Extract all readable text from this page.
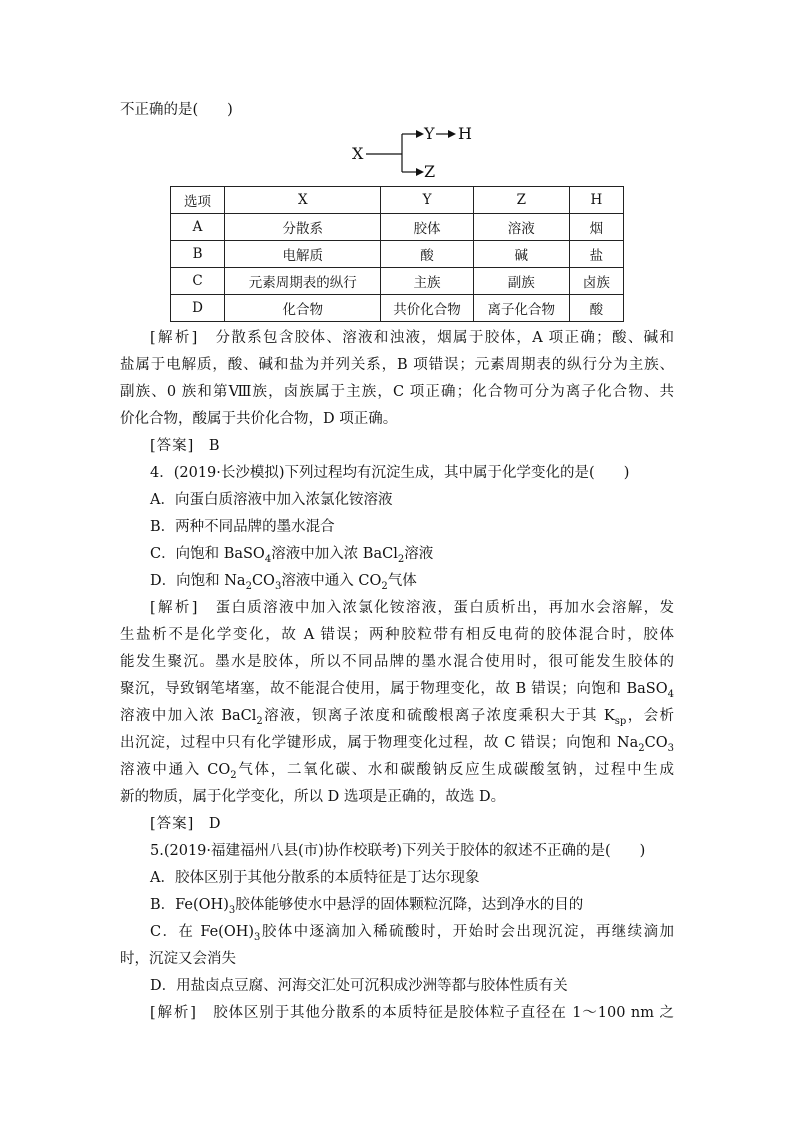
不正确的是(　　)
X
Y H
Z
选项	X	Y	Z	H
A	分散系	胶体	溶液	烟
B	电解质	酸	碱	盐
C	元素周期表的纵行	主族	副族	卤族
D	化合物	共价化合物	离子化合物	酸
[解析]　 分散系包含胶体、溶液和浊液，烟属于胶体，A 项正确；酸、碱和
盐属于电解质，酸、碱和盐为并列关系，B 项错误；元素周期表的纵行分为主族、
副族、0 族和第Ⅷ族，卤族属于主族，C 项正确；化合物可分为离子化合物、共
价化合物，酸属于共价化合物，D 项正确。
[答案]　 B
4．(2019·长沙模拟)下列过程均有沉淀生成，其中属于化学变化的是(　　)
A．向蛋白质溶液中加入浓氯化铵溶液
B．两种不同品牌的墨水混合
C．向饱和 BaSO$_4$溶液中加入浓 BaCl$_2$溶液
D．向饱和 $Na_2CO_3$溶液中通入 $CO_2$气体
[解析]　 蛋白质溶液中加入浓氯化铵溶液，蛋白质析出，再加水会溶解，发
生盐析不是化学变化，故 A 错误；两种胶粒带有相反电荷的胶体混合时，胶体
能发生聚沉。墨水是胶体，所以不同品牌的墨水混合使用时，很可能发生胶体的
聚沉，导致钢笔堵塞，故不能混合使用，属于物理变化，故 B 错误；向饱和 BaSO$_4$
溶液中加入浓 BaCl$_2$溶液，钡离子浓度和硫酸根离子浓度乘积大于其 $K_{sp}$，会析
出沉淀，过程中只有化学键形成，属于物理变化过程，故 C 错误；向饱和 $Na_2CO_3$
溶液中通入 $CO_2$气体，二氧化碳、水和碳酸钠反应生成碳酸氢钠，过程中生成
新的物质，属于化学变化，所以 D 选项是正确的，故选 D。
[答案]　 D
5.(2019·福建福州八县(市)协作校联考)下列关于胶体的叙述不正确的是(　　)
A．胶体区别于其他分散系的本质特征是丁达尔现象
B．$Fe(OH)_3$胶体能够使水中悬浮的固体颗粒沉降，达到净水的目的
C．在 $Fe(OH)_3$胶体中逐滴加入稀硫酸时，开始时会出现沉淀，再继续滴加
时，沉淀又会消失
D．用盐卤点豆腐、河海交汇处可沉积成沙洲等都与胶体性质有关
[解析]　 胶体区别于其他分散系的本质特征是胶体粒子直径在 1～100 nm 之
